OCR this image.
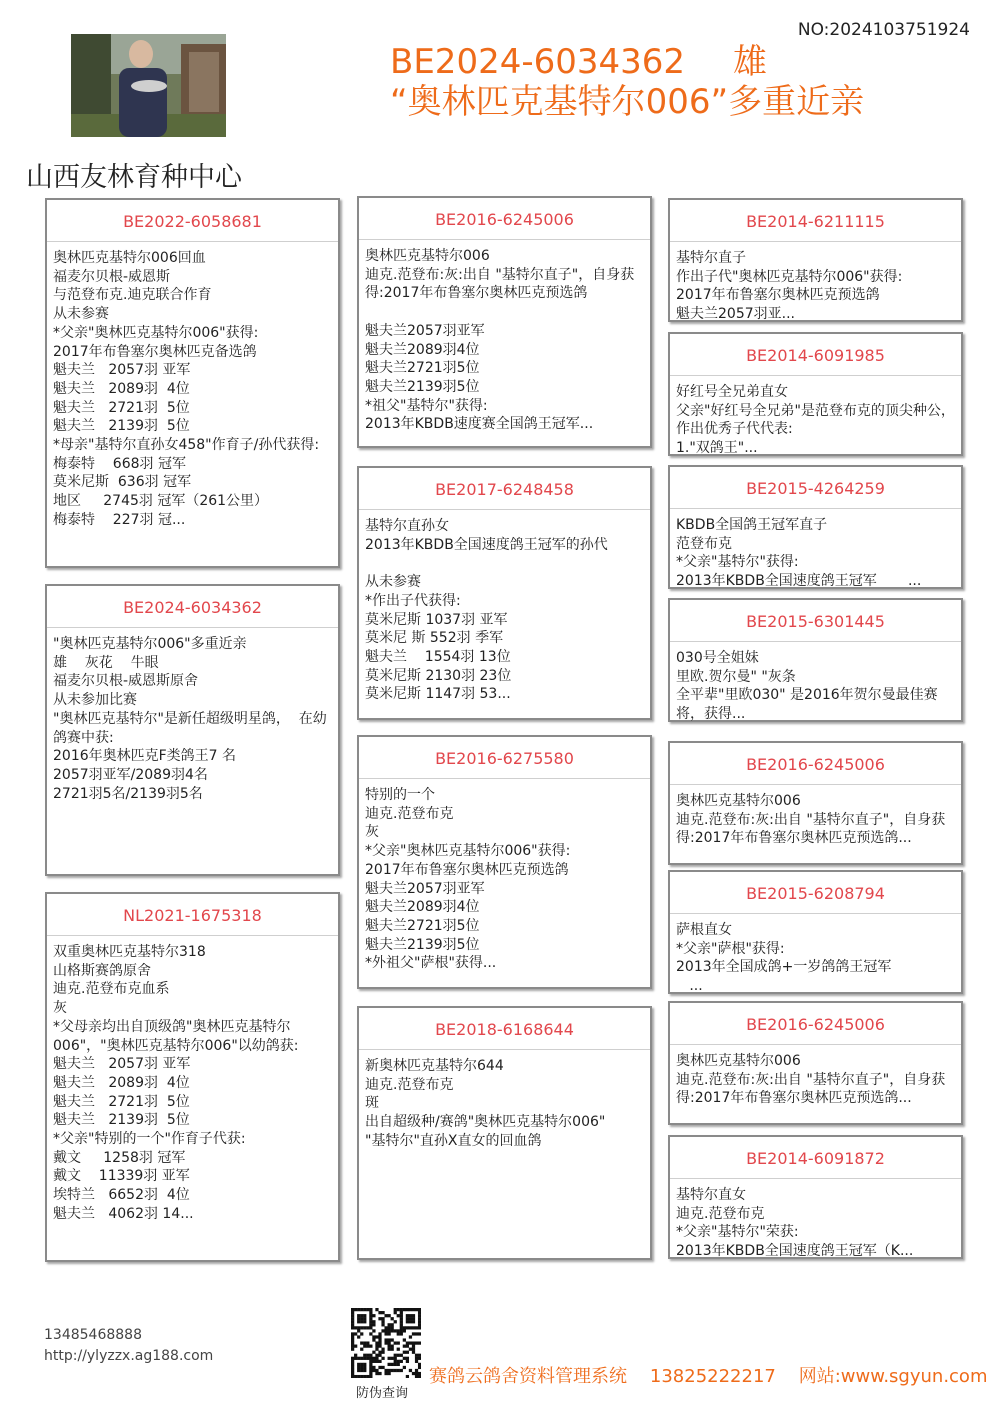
NO:2024103751924
BE2024-6034362 雄
“奥林匹克基特尔006”多重近亲
山西友林育种中心
BE2022-6058681
奥林匹克基特尔006回血
福麦尔贝根-威恩斯
与范登布克.迪克联合作育
从未参赛
*父亲"奥林匹克基特尔006"获得:
2017年布鲁塞尔奥林匹克备选鸽
魁夫兰   2057羽 亚军
魁夫兰   2089羽  4位
魁夫兰   2721羽  5位
魁夫兰   2139羽  5位
*母亲"基特尔直孙女458"作育子/孙代获得:
梅泰特    668羽 冠军
莫米尼斯  636羽 冠军
地区     2745羽 冠军（261公里）
梅泰特    227羽 冠...
BE2024-6034362
"奥林匹克基特尔006"多重近亲
雄    灰花    牛眼
福麦尔贝根-威恩斯原舍
从未参加比赛
"奥林匹克基特尔"是新任超级明星鸽，  在幼鸽赛中获:
2016年奥林匹克F类鸽王7 名
2057羽亚军/2089羽4名
2721羽5名/2139羽5名
NL2021-1675318
双重奥林匹克基特尔318
山格斯赛鸽原舍
迪克.范登布克血系
灰
*父母亲均出自顶级鸽"奥林匹克基特尔006"，"奥林匹克基特尔006"以幼鸽获:
魁夫兰   2057羽 亚军
魁夫兰   2089羽  4位
魁夫兰   2721羽  5位
魁夫兰   2139羽  5位
*父亲"特别的一个"作育子代获:
戴文     1258羽 冠军
戴文    11339羽 亚军
埃特兰   6652羽  4位
魁夫兰   4062羽 14...
BE2016-6245006
奥林匹克基特尔006
迪克.范登布:灰:出自 "基特尔直子"，自身获得:2017年布鲁塞尔奥林匹克预选鸽

魁夫兰2057羽亚军
魁夫兰2089羽4位
魁夫兰2721羽5位
魁夫兰2139羽5位
*祖父"基特尔"获得:
2013年KBDB速度赛全国鸽王冠军...
BE2017-6248458
基特尔直孙女
2013年KBDB全国速度鸽王冠军的孙代

从未参赛
*作出子代获得:
莫米尼斯 1037羽 亚军
莫米尼 斯 552羽 季军
魁夫兰    1554羽 13位
莫米尼斯 2130羽 23位
莫米尼斯 1147羽 53...
BE2016-6275580
特别的一个
迪克.范登布克
灰
*父亲"奥林匹克基特尔006"获得:
2017年布鲁塞尔奥林匹克预选鸽
魁夫兰2057羽亚军
魁夫兰2089羽4位
魁夫兰2721羽5位
魁夫兰2139羽5位
*外祖父"萨根"获得...
BE2018-6168644
新奥林匹克基特尔644
迪克.范登布克
斑
出自超级种/赛鸽"奥林匹克基特尔006"
"基特尔"直孙X直女的回血鸽
BE2014-6211115
基特尔直子
作出子代"奥林匹克基特尔006"获得:
2017年布鲁塞尔奥林匹克预选鸽
魁夫兰2057羽亚...
BE2014-6091985
好红号全兄弟直女
父亲"好红号全兄弟"是范登布克的顶尖种公，作出优秀子代代表:
1."双鸽王"...
BE2015-4264259
KBDB全国鸽王冠军直子
范登布克
*父亲"基特尔"获得:
2013年KBDB全国速度鸽王冠军       ...
BE2015-6301445
030号全姐妹
里欧.贺尔曼" "灰条
全平辈"里欧030" 是2016年贺尔曼最佳赛将，获得...
BE2016-6245006
奥林匹克基特尔006
迪克.范登布:灰:出自 "基特尔直子"，自身获得:2017年布鲁塞尔奥林匹克预选鸽...
BE2015-6208794
萨根直女
*父亲"萨根"获得:
2013年全国成鸽+一岁鸽鸽王冠军
...
BE2016-6245006
奥林匹克基特尔006
迪克.范登布:灰:出自 "基特尔直子"，自身获得:2017年布鲁塞尔奥林匹克预选鸽...
BE2014-6091872
基特尔直女
迪克.范登布克
*父亲"基特尔"荣获:
2013年KBDB全国速度鸽王冠军（K...
13485468888
http://ylyzzx.ag188.com
防伪查询
赛鸽云鸽舍资料管理系统    13825222217    网站:www.sgyun.com
